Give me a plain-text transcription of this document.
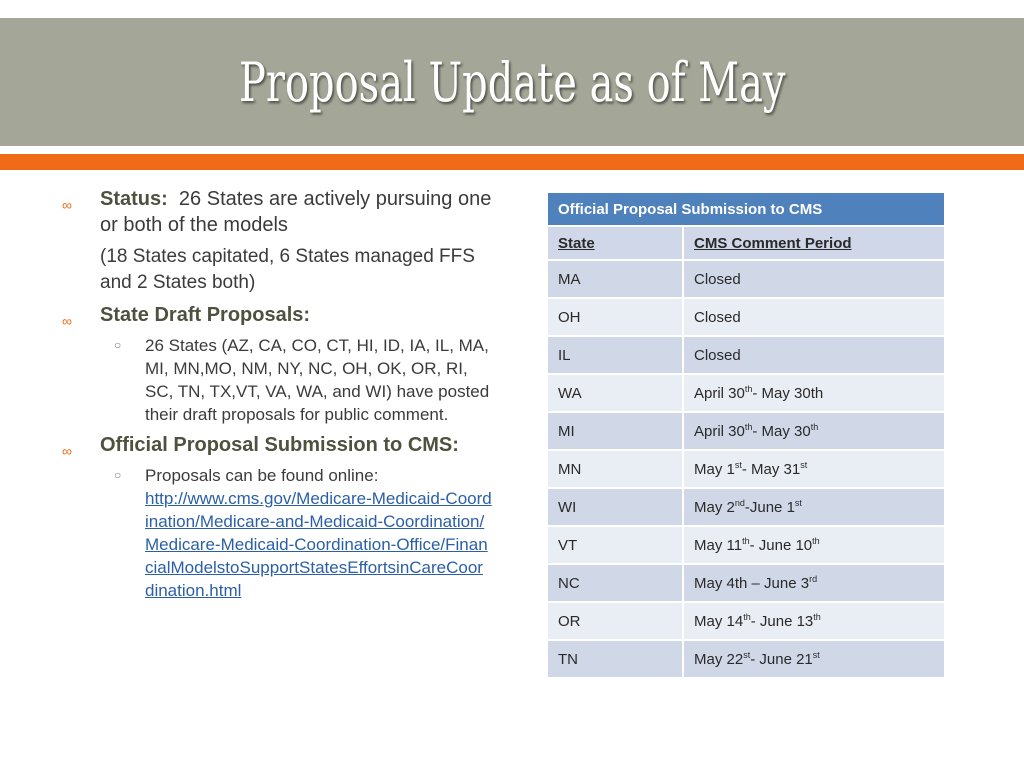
Proposal Update as of May
∞ Status: 26 States are actively pursuing one or both of the models
(18 States capitated, 6 States managed FFS and 2 States both)
∞ State Draft Proposals:
○ 26 States (AZ, CA, CO, CT, HI, ID, IA, IL, MA, MI, MN,MO, NM, NY, NC, OH, OK, OR, RI, SC, TN, TX,VT, VA, WA, and WI) have posted their draft proposals for public comment.
∞ Official Proposal Submission to CMS:
○ Proposals can be found online:
http://www.cms.gov/Medicare-Medicaid-Coordination/Medicare-and-Medicaid-Coordination/Medicare-Medicaid-Coordination-Office/FinancialModelstoSupportStatesEffortsinCareCoordination.html
Official Proposal Submission to CMS	
State	CMS Comment Period
MA	Closed
OH	Closed
IL	Closed
WA	April 30th- May 30th
MI	April 30th- May 30th
MN	May 1st- May 31st
WI	May 2nd-June 1st
VT	May 11th- June 10th
NC	May 4th – June 3rd
OR	May 14th- June 13th
TN	May 22st- June 21st
